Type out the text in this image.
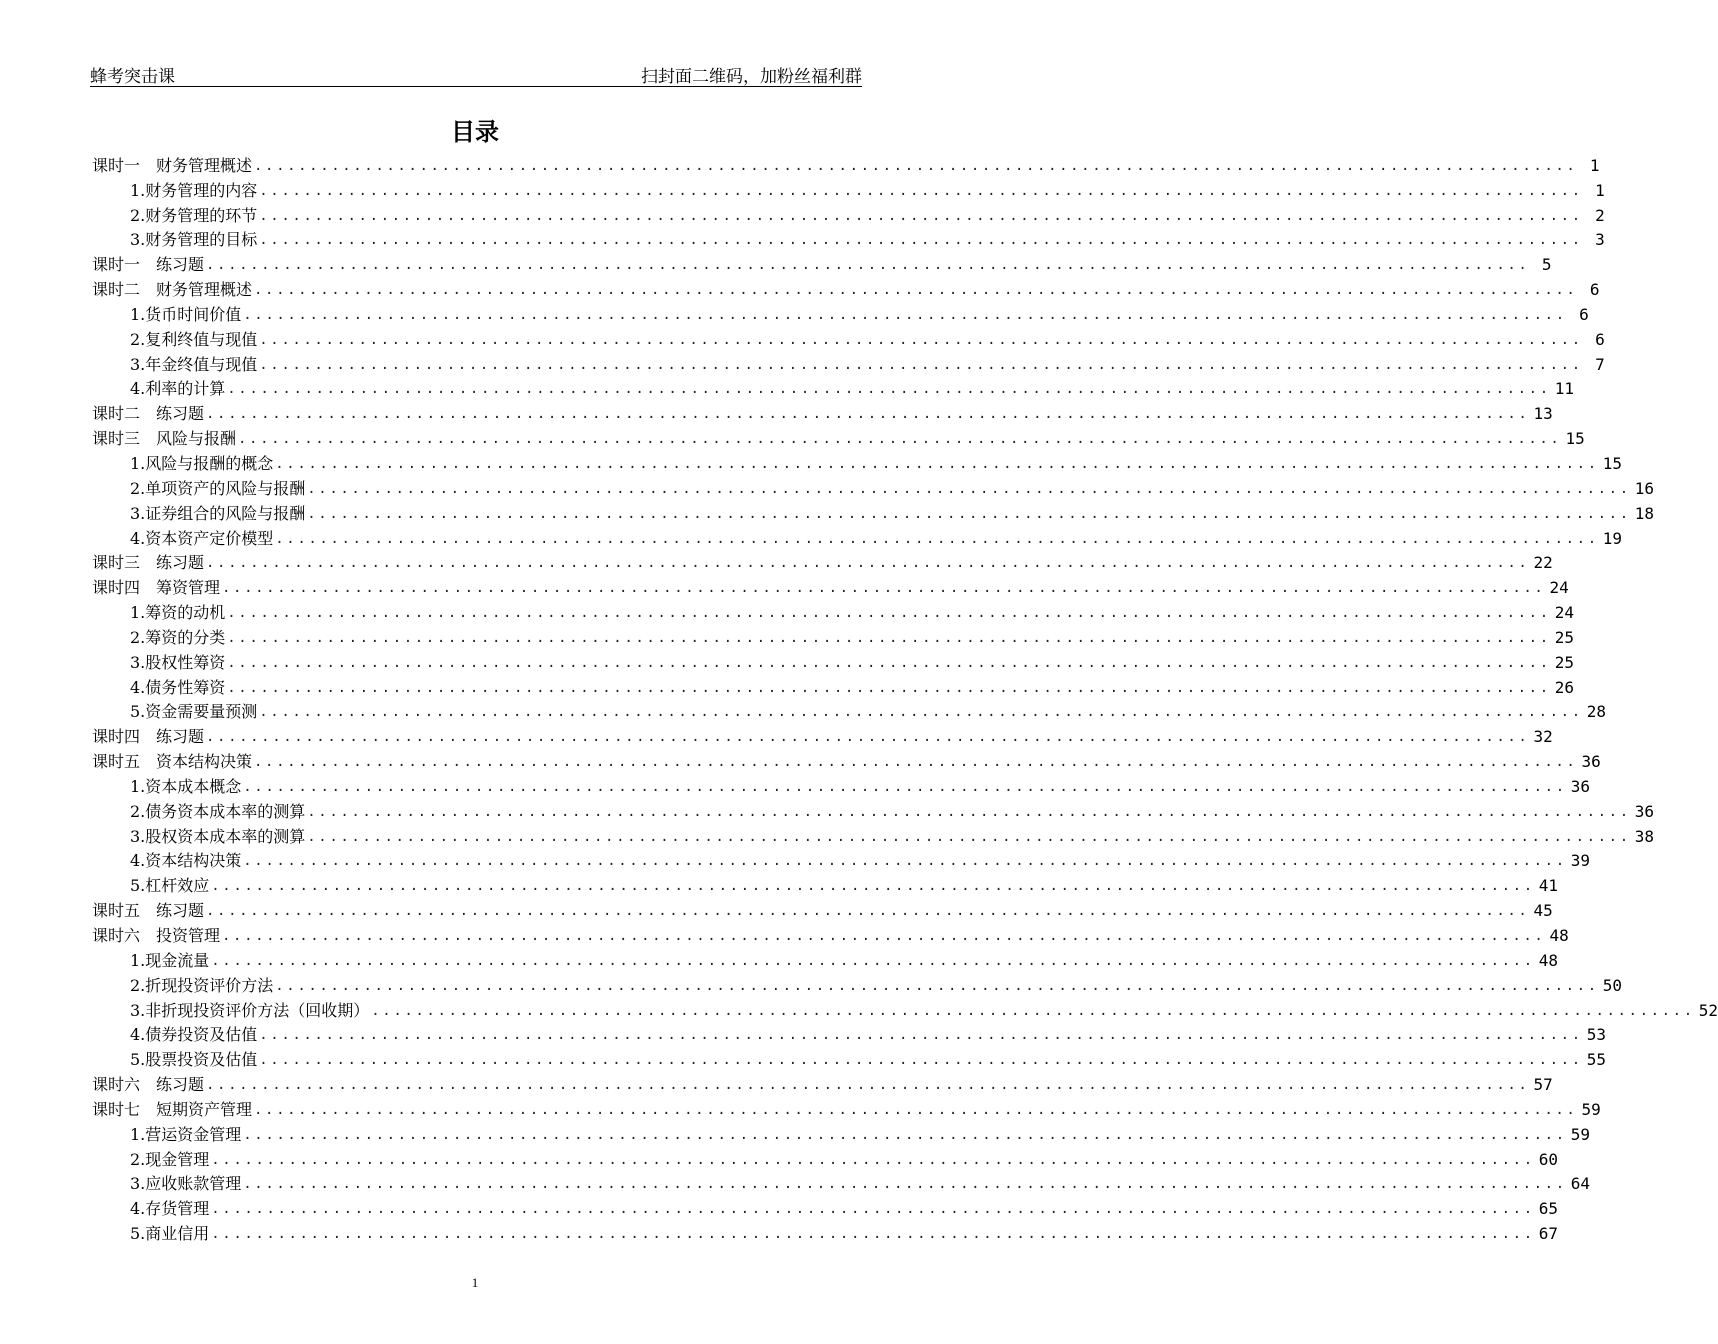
蜂考突击课	扫封面二维码，加粉丝福利群
目录
课时一　财务管理概述 ........................................................................................................................ 1
1.财务管理的内容 ........................................................................................................................ 1
2.财务管理的环节 ........................................................................................................................ 2
3.财务管理的目标 ........................................................................................................................ 3
课时一　练习题 ........................................................................................................................ 5
课时二　财务管理概述 ........................................................................................................................ 6
1.货币时间价值 ........................................................................................................................ 6
2.复利终值与现值 ........................................................................................................................ 6
3.年金终值与现值 ........................................................................................................................ 7
4.利率的计算 ........................................................................................................................ 11
课时二　练习题 ........................................................................................................................ 13
课时三　风险与报酬 ........................................................................................................................ 15
1.风险与报酬的概念 ........................................................................................................................ 15
2.单项资产的风险与报酬 ........................................................................................................................ 16
3.证券组合的风险与报酬 ........................................................................................................................ 18
4.资本资产定价模型 ........................................................................................................................ 19
课时三　练习题 ........................................................................................................................ 22
课时四　筹资管理 ........................................................................................................................ 24
1.筹资的动机 ........................................................................................................................ 24
2.筹资的分类 ........................................................................................................................ 25
3.股权性筹资 ........................................................................................................................ 25
4.债务性筹资 ........................................................................................................................ 26
5.资金需要量预测 ........................................................................................................................ 28
课时四　练习题 ........................................................................................................................ 32
课时五　资本结构决策 ........................................................................................................................ 36
1.资本成本概念 ........................................................................................................................ 36
2.债务资本成本率的测算 ........................................................................................................................ 36
3.股权资本成本率的测算 ........................................................................................................................ 38
4.资本结构决策 ........................................................................................................................ 39
5.杠杆效应 ........................................................................................................................ 41
课时五　练习题 ........................................................................................................................ 45
课时六　投资管理 ........................................................................................................................ 48
1.现金流量 ........................................................................................................................ 48
2.折现投资评价方法 ........................................................................................................................ 50
3.非折现投资评价方法（回收期） ........................................................................................................................ 52
4.债券投资及估值 ........................................................................................................................ 53
5.股票投资及估值 ........................................................................................................................ 55
课时六　练习题 ........................................................................................................................ 57
课时七　短期资产管理 ........................................................................................................................ 59
1.营运资金管理 ........................................................................................................................ 59
2.现金管理 ........................................................................................................................ 60
3.应收账款管理 ........................................................................................................................ 64
4.存货管理 ........................................................................................................................ 65
5.商业信用 ........................................................................................................................ 67
1
